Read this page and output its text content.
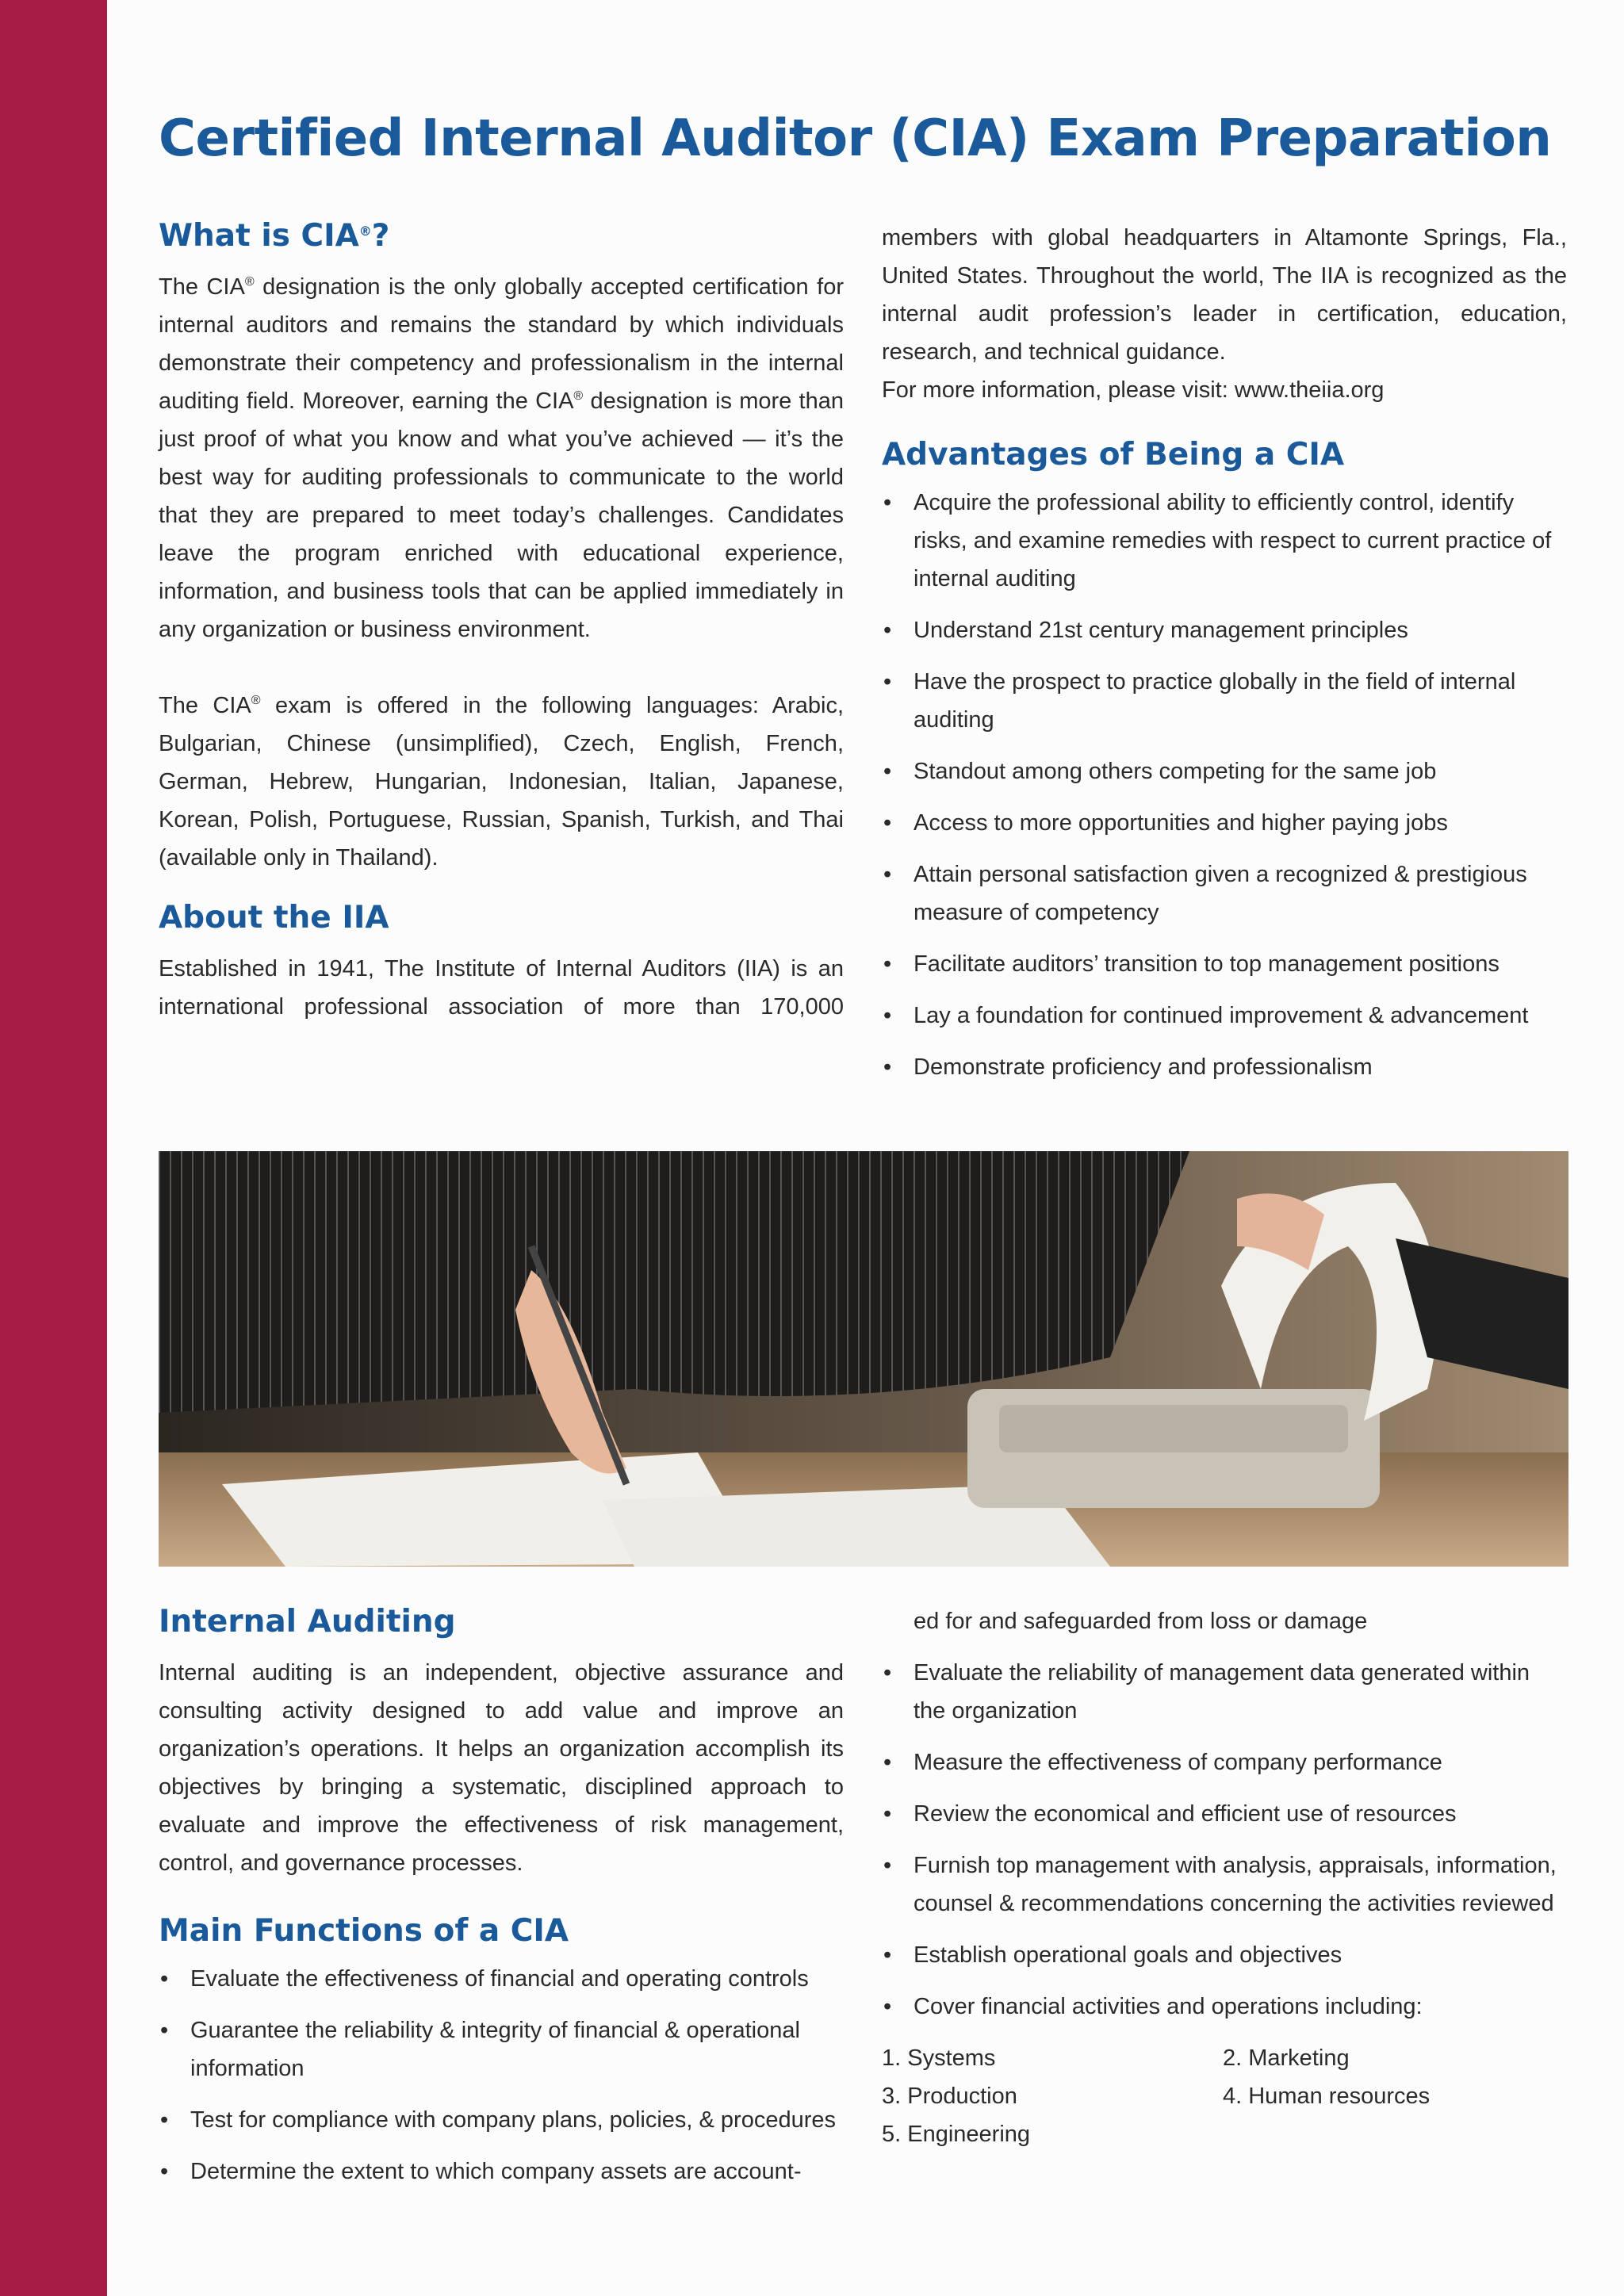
Certified Internal Auditor (CIA) Exam Preparation
What is CIA®?

The CIA® designation is the only globally accepted certification for internal auditors and remains the standard by which individuals demonstrate their competency and professionalism in the internal auditing field. Moreover, earning the CIA® designation is more than just proof of what you know and what you’ve achieved — it’s the best way for auditing professionals to communicate to the world that they are prepared to meet today’s challenges. Candidates leave the program enriched with educational experience, information, and business tools that can be applied immediately in any organization or business environment.

The CIA® exam is offered in the following languages: Arabic, Bulgarian, Chinese (unsimplified), Czech, English, French, German, Hebrew, Hungarian, Indonesian, Italian, Japanese, Korean, Polish, Portuguese, Russian, Spanish, Turkish, and Thai (available only in Thailand).

About the IIA

Established in 1941, The Institute of Internal Auditors (IIA) is an international professional association of more than 170,000

members with global headquarters in Altamonte Springs, Fla., United States. Throughout the world, The IIA is recognized as the internal audit profession’s leader in certification, education, research, and technical guidance.

For more information, please visit: www.theiia.org

Advantages of Being a CIA
• Acquire the professional ability to efficiently control, identify risks, and examine remedies with respect to current practice of internal auditing
• Understand 21st century management principles
• Have the prospect to practice globally in the field of internal auditing
• Standout among others competing for the same job
• Access to more opportunities and higher paying jobs
• Attain personal satisfaction given a recognized & prestigious measure of competency
• Facilitate auditors’ transition to top management positions
• Lay a foundation for continued improvement & advancement
• Demonstrate proficiency and professionalism
Internal Auditing

Internal auditing is an independent, objective assurance and consulting activity designed to add value and improve an organization’s operations. It helps an organization accomplish its objectives by bringing a systematic, disciplined approach to evaluate and improve the effectiveness of risk management, control, and governance processes.

Main Functions of a CIA
• Evaluate the effectiveness of financial and operating controls
• Guarantee the reliability & integrity of financial & operational information
• Test for compliance with company plans, policies, & procedures
• Determine the extent to which company assets are account-

ed for and safeguarded from loss or damage

• Evaluate the reliability of management data generated within the organization
• Measure the effectiveness of company performance
• Review the economical and efficient use of resources
• Furnish top management with analysis, appraisals, information, counsel & recommendations concerning the activities reviewed
• Establish operational goals and objectives
• Cover financial activities and operations including:
1. Systems	2. Marketing
3. Production	4. Human resources
5. Engineering
